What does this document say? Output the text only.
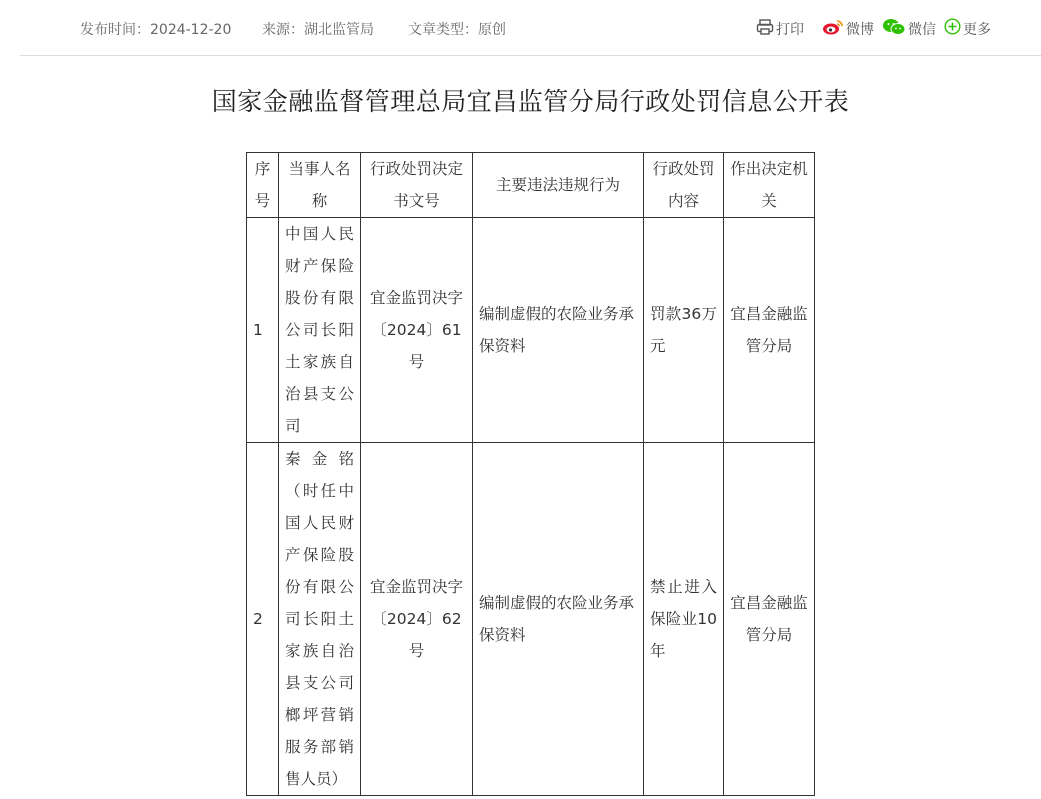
发布时间：2024-12-20 来源：湖北监管局 文章类型：原创	打印	微博 微信 更多
国家金融监督管理总局宜昌监管分局行政处罚信息公开表
序号	当事人名称	行政处罚决定书文号	主要违法违规行为	行政处罚内容	作出决定机关
1	中国人民财产保险股份有限公司长阳土家族自治县支公司	宜金监罚决字〔2024〕61号	编制虚假的农险业务承保资料	罚款36万元	宜昌金融监管分局
2	秦金铭（时任中国人民财产保险股份有限公司长阳土家族自治县支公司榔坪营销服务部销售人员）	宜金监罚决字〔2024〕62号	编制虚假的农险业务承保资料	禁止进入保险业10年	宜昌金融监管分局
